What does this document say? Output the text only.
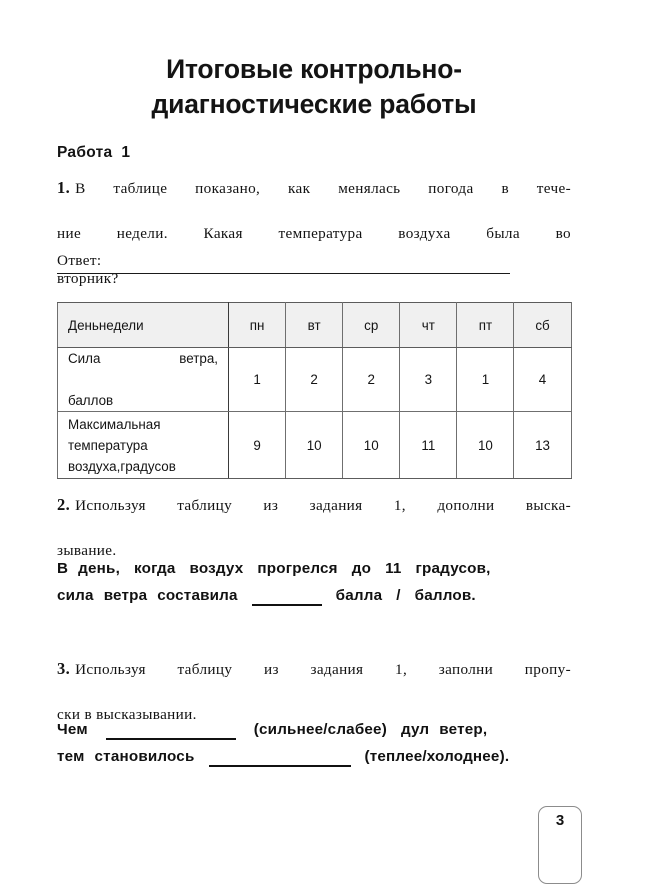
Итоговые контрольно-
диагностические работы
Работа 1
1. В таблице показано, как менялась погода в тече-
ние недели. Какая температура воздуха была во
вторник?
Ответ:
Деньнедели	пн	вт	ср	чт	пт	сб

Сила ветра,
баллов	1	2	2	3	1	4

Максимальная
температура
воздуха,градусов	9	10	10	11	10	13
2. Используя таблицу из задания 1, дополни выска-
зывание.
В день, когда воздух прогрелся до 11 градусов,
сила ветра составила	балла / баллов.
3. Используя таблицу из задания 1, заполни пропу-
ски в высказывании.
Чем	(сильнее/слабее) дул ветер,
тем становилось	(теплее/холоднее).
3
